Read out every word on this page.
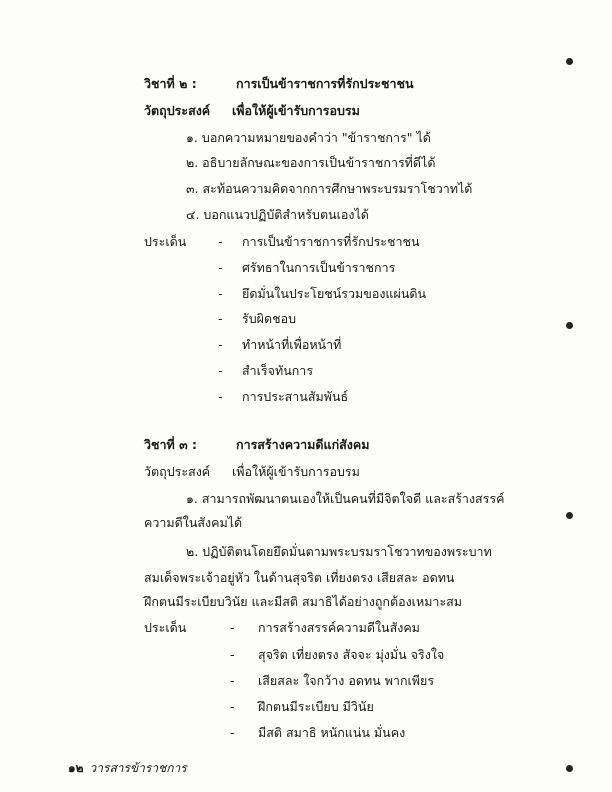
วิชาที่ ๒ :	การเป็นข้าราชการที่รักประชาชน
วัตถุประสงค์ เพื่อให้ผู้เข้ารับการอบรม
๑. บอกความหมายของคำว่า "ข้าราชการ" ได้
๒. อธิบายลักษณะของการเป็นข้าราชการที่ดีได้
๓. สะท้อนความคิดจากการศึกษาพระบรมราโชวาทได้
๔. บอกแนวปฏิบัติสำหรับตนเองได้
ประเด็น	- การเป็นข้าราชการที่รักประชาชน
- ศรัทธาในการเป็นข้าราชการ
- ยึดมั่นในประโยชน์รวมของแผ่นดิน
- รับผิดชอบ
- ทำหน้าที่เพื่อหน้าที่
- สำเร็จทันการ
- การประสานสัมพันธ์
วิชาที่ ๓ :	การสร้างความดีแก่สังคม
วัตถุประสงค์ เพื่อให้ผู้เข้ารับการอบรม
๑. สามารถพัฒนาตนเองให้เป็นคนที่มีจิตใจดี และสร้างสรรค์
ความดีในสังคมได้
๒. ปฏิบัติตนโดยยึดมั่นตามพระบรมราโชวาทของพระบาท
สมเด็จพระเจ้าอยู่หัว ในด้านสุจริต เที่ยงตรง เสียสละ อดทน
ฝึกตนมีระเบียบวินัย และมีสติ สมาธิได้อย่างถูกต้องเหมาะสม
ประเด็น	- การสร้างสรรค์ความดีในสังคม
- สุจริต เที่ยงตรง สัจจะ มุ่งมั่น จริงใจ
- เสียสละ ใจกว้าง อดทน พากเพียร
- ฝึกตนมีระเบียบ มีวินัย
- มีสติ สมาธิ หนักแน่น มั่นคง
๑๒ วารสารข้าราชการ
